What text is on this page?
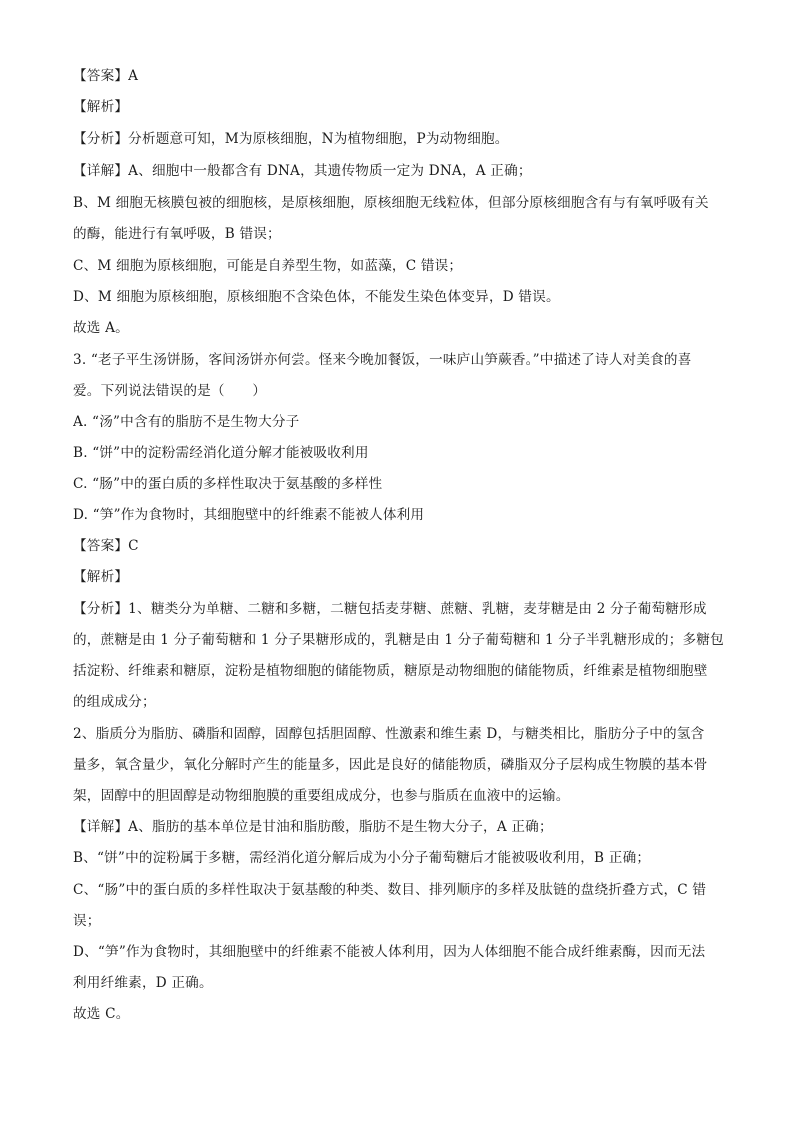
【答案】A
【解析】
【分析】分析题意可知，M为原核细胞，N为植物细胞，P为动物细胞。
【详解】A、细胞中一般都含有 DNA，其遗传物质一定为 DNA，A 正确；
B、M 细胞无核膜包被的细胞核，是原核细胞，原核细胞无线粒体，但部分原核细胞含有与有氧呼吸有关
的酶，能进行有氧呼吸，B 错误；
C、M 细胞为原核细胞，可能是自养型生物，如蓝藻，C 错误；
D、M 细胞为原核细胞，原核细胞不含染色体，不能发生染色体变异，D 错误。
故选 A。
3. “老子平生汤饼肠，客间汤饼亦何尝。怪来今晚加餐饭，一味庐山笋蕨香。”中描述了诗人对美食的喜
爱。下列说法错误的是（　　）
A. “汤”中含有的脂肪不是生物大分子
B. “饼”中的淀粉需经消化道分解才能被吸收利用
C. “肠”中的蛋白质的多样性取决于氨基酸的多样性
D. “笋”作为食物时，其细胞壁中的纤维素不能被人体利用
【答案】C
【解析】
【分析】1、糖类分为单糖、二糖和多糖，二糖包括麦芽糖、蔗糖、乳糖，麦芽糖是由 2 分子葡萄糖形成
的，蔗糖是由 1 分子葡萄糖和 1 分子果糖形成的，乳糖是由 1 分子葡萄糖和 1 分子半乳糖形成的；多糖包
括淀粉、纤维素和糖原，淀粉是植物细胞的储能物质，糖原是动物细胞的储能物质，纤维素是植物细胞壁
的组成成分；
2、脂质分为脂肪、磷脂和固醇，固醇包括胆固醇、性激素和维生素 D，与糖类相比，脂肪分子中的氢含
量多，氧含量少，氧化分解时产生的能量多，因此是良好的储能物质，磷脂双分子层构成生物膜的基本骨
架，固醇中的胆固醇是动物细胞膜的重要组成成分，也参与脂质在血液中的运输。
【详解】A、脂肪的基本单位是甘油和脂肪酸，脂肪不是生物大分子，A 正确；
B、“饼”中的淀粉属于多糖，需经消化道分解后成为小分子葡萄糖后才能被吸收利用，B 正确；
C、“肠”中的蛋白质的多样性取决于氨基酸的种类、数目、排列顺序的多样及肽链的盘绕折叠方式，C 错
误；
D、“笋”作为食物时，其细胞壁中的纤维素不能被人体利用，因为人体细胞不能合成纤维素酶，因而无法
利用纤维素，D 正确。
故选 C。
